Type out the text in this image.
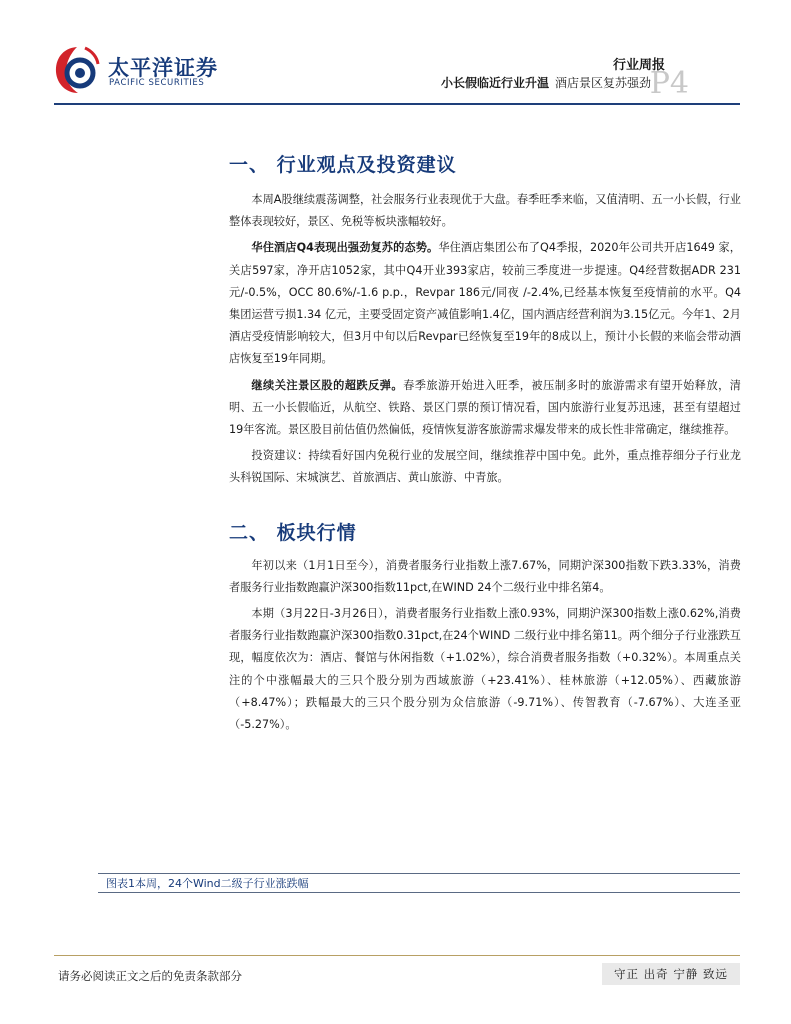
太平洋证券
PACIFIC SECURITIES
行业周报
小长假临近行业升温 酒店景区复苏强劲
P4
一、 行业观点及投资建议

本周A股继续震荡调整，社会服务行业表现优于大盘。春季旺季来临，又值清明、五一小长假，行业整体表现较好，景区、免税等板块涨幅较好。

华住酒店Q4表现出强劲复苏的态势。华住酒店集团公布了Q4季报，2020年公司共开店1649 家，关店597家，净开店1052家，其中Q4开业393家店，较前三季度进一步提速。Q4经营数据ADR 231元/-0.5%，OCC 80.6%/-1.6 p.p.，Revpar 186元/同夜 /-2.4%,已经基本恢复至疫情前的水平。Q4集团运营亏损1.34 亿元，主要受固定资产减值影响1.4亿，国内酒店经营利润为3.15亿元。今年1、2月酒店受疫情影响较大，但3月中旬以后Revpar已经恢复至19年的8成以上，预计小长假的来临会带动酒店恢复至19年同期。

继续关注景区股的超跌反弹。春季旅游开始进入旺季，被压制多时的旅游需求有望开始释放，清明、五一小长假临近，从航空、铁路、景区门票的预订情况看，国内旅游行业复苏迅速，甚至有望超过19年客流。景区股目前估值仍然偏低，疫情恢复游客旅游需求爆发带来的成长性非常确定，继续推荐。

投资建议：持续看好国内免税行业的发展空间，继续推荐中国中免。此外，重点推荐细分子行业龙头科锐国际、宋城演艺、首旅酒店、黄山旅游、中青旅。

二、 板块行情

年初以来（1月1日至今），消费者服务行业指数上涨7.67%，同期沪深300指数下跌3.33%，消费者服务行业指数跑赢沪深300指数11pct,在WIND 24个二级行业中排名第4。

本期（3月22日-3月26日），消费者服务行业指数上涨0.93%，同期沪深300指数上涨0.62%,消费者服务行业指数跑赢沪深300指数0.31pct,在24个WIND 二级行业中排名第11。两个细分子行业涨跌互现，幅度依次为：酒店、餐馆与休闲指数（+1.02%），综合消费者服务指数（+0.32%）。本周重点关注的个中涨幅最大的三只个股分别为西域旅游（+23.41%）、桂林旅游（+12.05%）、西藏旅游（+8.47%）；跌幅最大的三只个股分别为众信旅游（-9.71%）、传智教育（-7.67%）、大连圣亚（-5.27%）。

图表1本周，24个Wind二级子行业涨跌幅
请务必阅读正文之后的免责条款部分	守正 出奇 宁静 致远
